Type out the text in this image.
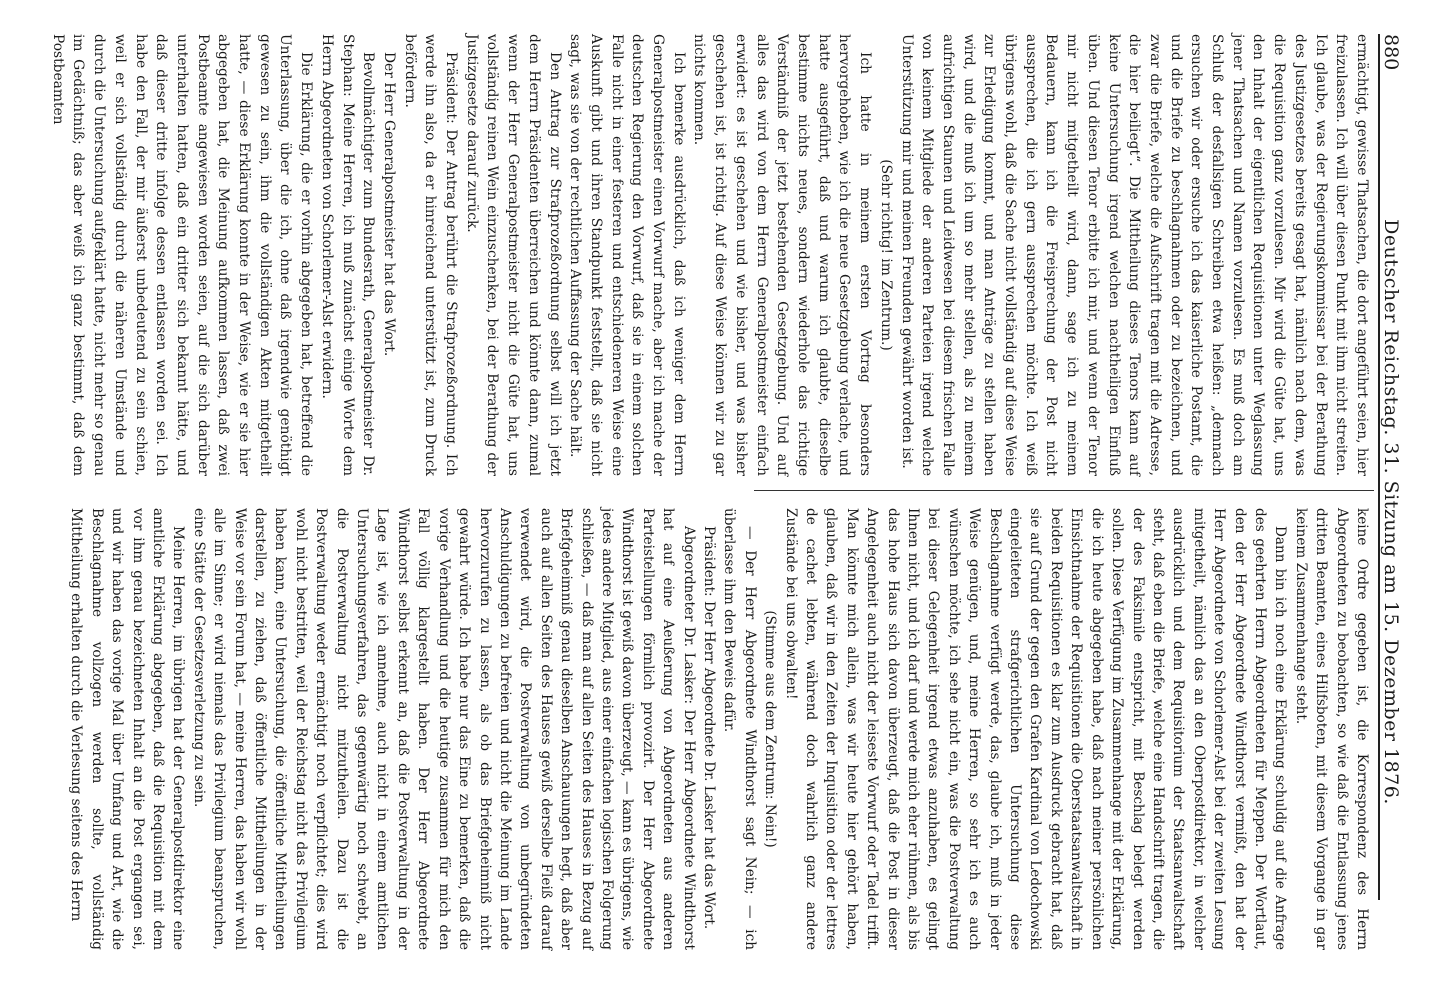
880
Deutscher Reichstag. 31. Sitzung am 15. Dezember 1876.

ermächtigt, gewisse Thatsachen, die dort angeführt seien, hier freizulassen. Ich will über diesen Punkt mit ihm nicht streiten. Ich glaube, was der Regierungskommissar bei der Berathung des Justizgesetzes bereits gesagt hat, nämlich nach dem, was die Requisition ganz vorzulesen. Mir wird die Güte hat, uns den Inhalt der eigentlichen Requisitionen unter Weglassung jener Thatsachen und Namen vorzulesen. Es muß doch am Schluß der desfallsigen Schreiben etwa heißen: „demnach ersuchen wir oder ersuche ich das kaiserliche Postamt, die und die Briefe zu beschlagnahmen oder zu bezeichnen, und zwar die Briefe, welche die Aufschrift tragen mit die Adresse, die hier beiliegt“. Die Mittheilung dieses Tenors kann auf keine Untersuchung irgend welchen nachtheiligen Einfluß üben. Und diesen Tenor erbitte ich mir, und wenn der Tenor mir nicht mitgetheilt wird, dann, sage ich zu meinem Bedauern, kann ich die Freisprechung der Post nicht aussprechen, die ich gern aussprechen möchte. Ich weiß übrigens wohl, daß die Sache nicht vollständig auf diese Weise zur Erledigung kommt, und man Anträge zu stellen haben wird, und die muß ich um so mehr stellen, als zu meinem aufrichtigen Staunen und Leidwesen bei diesem frischen Falle von keinem Mitgliede der anderen Parteien irgend welche Unterstützung mir und meinen Freunden gewährt worden ist.

(Sehr richtig! im Zentrum.)

Ich hatte in meinem ersten Vortrag besonders hervorgehoben, wie ich die neue Gesetzgebung verlache, und hatte ausgeführt, daß und warum ich glaubte, dieselbe bestimme nichts neues, sondern wiederhole das richtige Verständniß der jetzt bestehenden Gesetzgebung. Und auf alles das wird von dem Herrn Generalpostmeister einfach erwidert: es ist geschehen und wie bisher, und was bisher geschehen ist, ist richtig. Auf diese Weise können wir zu gar nichts kommen.

Ich bemerke ausdrücklich, daß ich weniger dem Herrn Generalpostmeister einen Vorwurf mache, aber ich mache der deutschen Regierung den Vorwurf, daß sie in einem solchen Falle nicht in einer festeren und entschiedeneren Weise eine Auskunft gibt und ihren Standpunkt feststellt, daß sie nicht sagt, was sie von der rechtlichen Auffassung der Sache hält.

Den Antrag zur Strafprozeßordnung selbst will ich jetzt dem Herrn Präsidenten überreichen und könnte dann, zumal wenn der Herr Generalpostmeister nicht die Güte hat, uns vollständig reinen Wein einzuschenken, bei der Berathung der Justizgesetze darauf zurück.

Präsident: Der Antrag berührt die Strafprozeßordnung. Ich werde ihn also, da er hinreichend unterstützt ist, zum Druck befördern.

Der Herr Generalpostmeister hat das Wort.

Bevollmächtigter zum Bundesrath, Generalpostmeister Dr. Stephan: Meine Herren, ich muß zunächst einige Worte dem Herrn Abgeordneten von Schorlemer-Alst erwidern.

Die Erklärung, die er vorhin abgegeben hat, betreffend die Unterlassung, über die ich, ohne daß irgendwie genöthigt gewesen zu sein, ihm die vollständigen Akten mitgetheilt hatte, — diese Erklärung konnte in der Weise, wie er sie hier abgegeben hat, die Meinung aufkommen lassen, daß zwei Postbeamte angewiesen worden seien, auf die sich darüber unterhalten hatten, daß ein dritter sich bekannt hätte, und daß dieser dritte infolge dessen entlassen worden sei. Ich habe den Fall, der mir äußerst unbedeutend zu sein schien, weil er sich vollständig durch die näheren Umstände und durch die Untersuchung aufgeklärt hatte, nicht mehr so genau im Gedächtniß; das aber weiß ich ganz bestimmt, daß dem Postbeamten

keine Ordre gegeben ist, die Korrespondenz des Herrn Abgeordneten zu beobachten, so wie daß die Entlassung jenes dritten Beamten, eines Hilfsboten, mit diesem Vorgange in gar keinem Zusammenhange steht.

Dann bin ich noch eine Erklärung schuldig auf die Anfrage des geehrten Herrn Abgeordneten für Meppen. Der Wortlaut, den der Herr Abgeordnete Windthorst vermißt, den hat der Herr Abgeordnete von Schorlemer-Alst bei der zweiten Lesung mitgetheilt, nämlich das an den Oberpostdirektor, in welcher ausdrücklich und dem Requisitorium der Staatsanwaltschaft steht, daß eben die Briefe, welche eine Handschrift tragen, die der des Faksimile entspricht, mit Beschlag belegt werden sollen. Diese Verfügung im Zusammenhange mit der Erklärung, die ich heute abgegeben habe, daß nach meiner persönlichen Einsichtnahme der Requisitionen die Oberstaatsanwaltschaft in beiden Requisitionen es klar zum Ausdruck gebracht hat, daß sie auf Grund der gegen den Grafen Kardinal von Ledochowski eingeleiteten strafgerichtlichen Untersuchung diese Beschlagnahme verfügt werde, das, glaube ich, muß in jeder Weise genügen, und, meine Herren, so sehr ich es auch wünschen möchte, ich sehe nicht ein, was die Postverwaltung bei dieser Gelegenheit irgend etwas anzuhaben, es gelingt Ihnen nicht, und ich darf und werde mich eher rühmen, als bis das hohe Haus sich davon überzeugt, daß die Post in dieser Angelegenheit auch nicht der leiseste Vorwurf oder Tadel trifft. Man könnte mich allein, was wir heute hier gehört haben, glauben, daß wir in den Zeiten der Inquisition oder der lettres de cachet lebten, während doch wahrlich ganz andere Zustände bei uns obwalten!

(Stimme aus dem Zentrum: Nein!)

— Der Herr Abgeordnete Windthorst sagt Nein; — ich überlasse ihm den Beweis dafür.

Präsident: Der Herr Abgeordnete Dr. Lasker hat das Wort.

Abgeordneter Dr. Lasker: Der Herr Abgeordnete Windthorst hat auf eine Aeußerung von Abgeordneten aus anderen Parteistellungen förmlich provozirt. Der Herr Abgeordnete Windthorst ist gewiß davon überzeugt, — kann es übrigens, wie jedes andere Mitglied, aus einer einfachen logischen Folgerung schließen, — daß man auf allen Seiten des Hauses in Bezug auf Briefgeheimniß genau dieselben Anschauungen hegt, daß aber auch auf allen Seiten des Hauses gewiß derselbe Fleiß darauf verwendet wird, die Postverwaltung von unbegründeten Anschuldigungen zu befreien und nicht die Meinung im Lande hervorzurufen zu lassen, als ob das Briefgeheimniß nicht gewahrt würde. Ich habe nur das Eine zu bemerken, daß die vorige Verhandlung und die heutige zusammen für mich den Fall völlig klargestellt haben. Der Herr Abgeordnete Windthorst selbst erkennt an, daß die Postverwaltung in der Lage ist, wie ich annehme, auch nicht in einem amtlichen Untersuchungsverfahren, das gegenwärtig noch schwebt, an die Postverwaltung nicht mitzutheilen. Dazu ist die Postverwaltung weder ermächtigt noch verpflichtet; dies wird wohl nicht bestritten, weil der Reichstag nicht das Privilegium haben kann, eine Untersuchung, die öffentliche Mittheilungen darstellen, zu ziehen, daß öffentliche Mittheilungen in der Weise vor sein Forum hat, — meine Herren, das haben wir wohl alle im Sinne; er wird niemals das Privilegium beanspruchen, eine Stätte der Gesetzesverletzung zu sein.

Meine Herren, im übrigen hat der Generalpostdirektor eine amtliche Erklärung abgegeben, daß die Requisition mit dem vor ihm genau bezeichneten Inhalt an die Post ergangen sei, und wir haben das vorige Mal über Umfang und Art, wie die Beschlagnahme vollzogen werden sollte, vollständig Mittheilung erhalten durch die Verlesung seitens des Herrn
